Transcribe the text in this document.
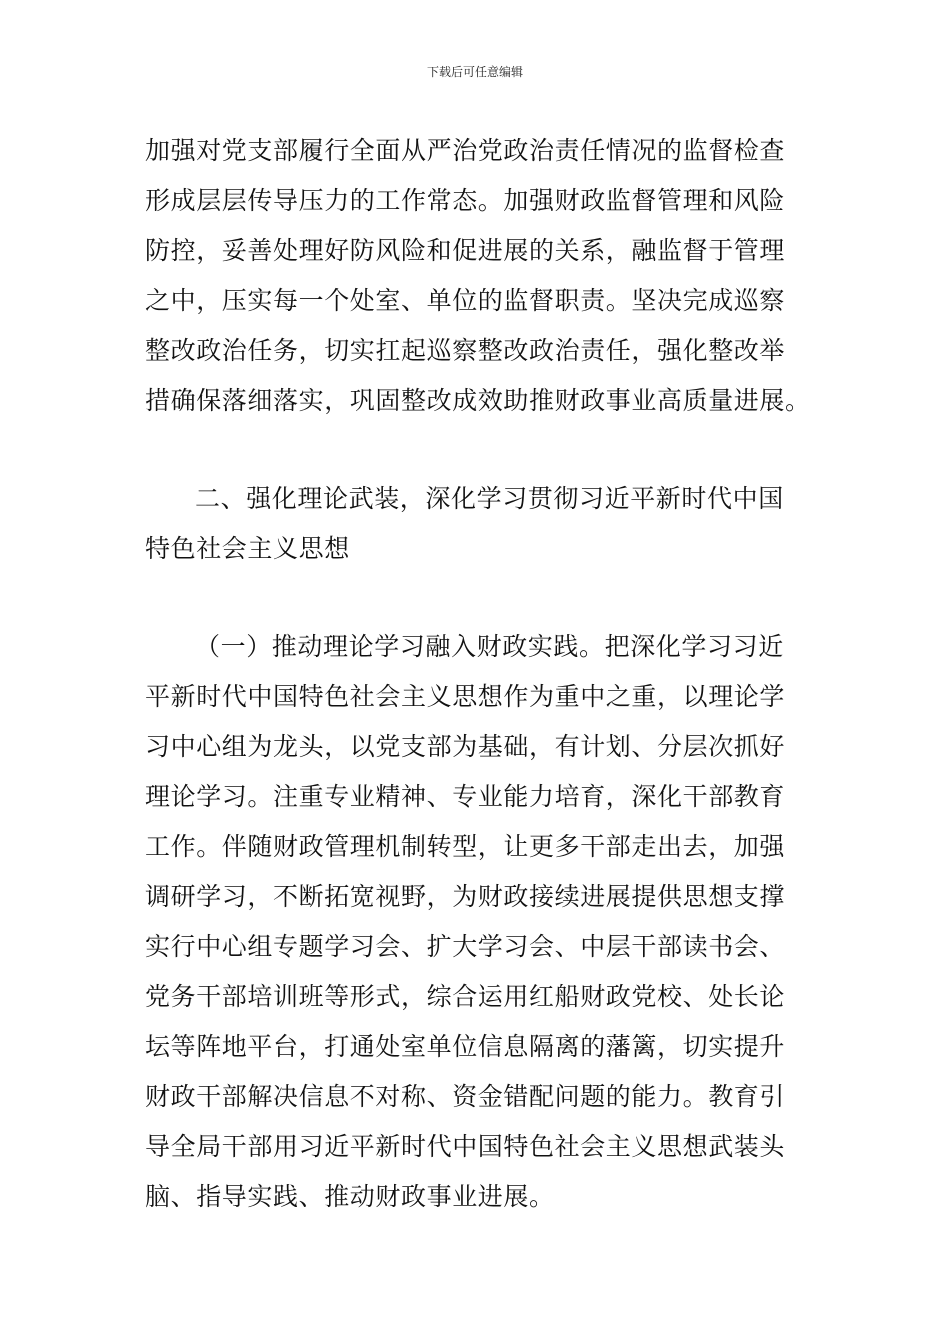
下载后可任意编辑
加强对党支部履行全面从严治党政治责任情况的监督检查
形成层层传导压力的工作常态。加强财政监督管理和风险
防控，妥善处理好防风险和促进展的关系，融监督于管理
之中，压实每一个处室、单位的监督职责。坚决完成巡察
整改政治任务，切实扛起巡察整改政治责任，强化整改举
措确保落细落实，巩固整改成效助推财政事业高质量进展。
二、强化理论武装，深化学习贯彻习近平新时代中国
特色社会主义思想
（一）推动理论学习融入财政实践。把深化学习习近
平新时代中国特色社会主义思想作为重中之重，以理论学
习中心组为龙头，以党支部为基础，有计划、分层次抓好
理论学习。注重专业精神、专业能力培育，深化干部教育
工作。伴随财政管理机制转型，让更多干部走出去，加强
调研学习，不断拓宽视野，为财政接续进展提供思想支撑
实行中心组专题学习会、扩大学习会、中层干部读书会、
党务干部培训班等形式，综合运用红船财政党校、处长论
坛等阵地平台，打通处室单位信息隔离的藩篱，切实提升
财政干部解决信息不对称、资金错配问题的能力。教育引
导全局干部用习近平新时代中国特色社会主义思想武装头
脑、指导实践、推动财政事业进展。
